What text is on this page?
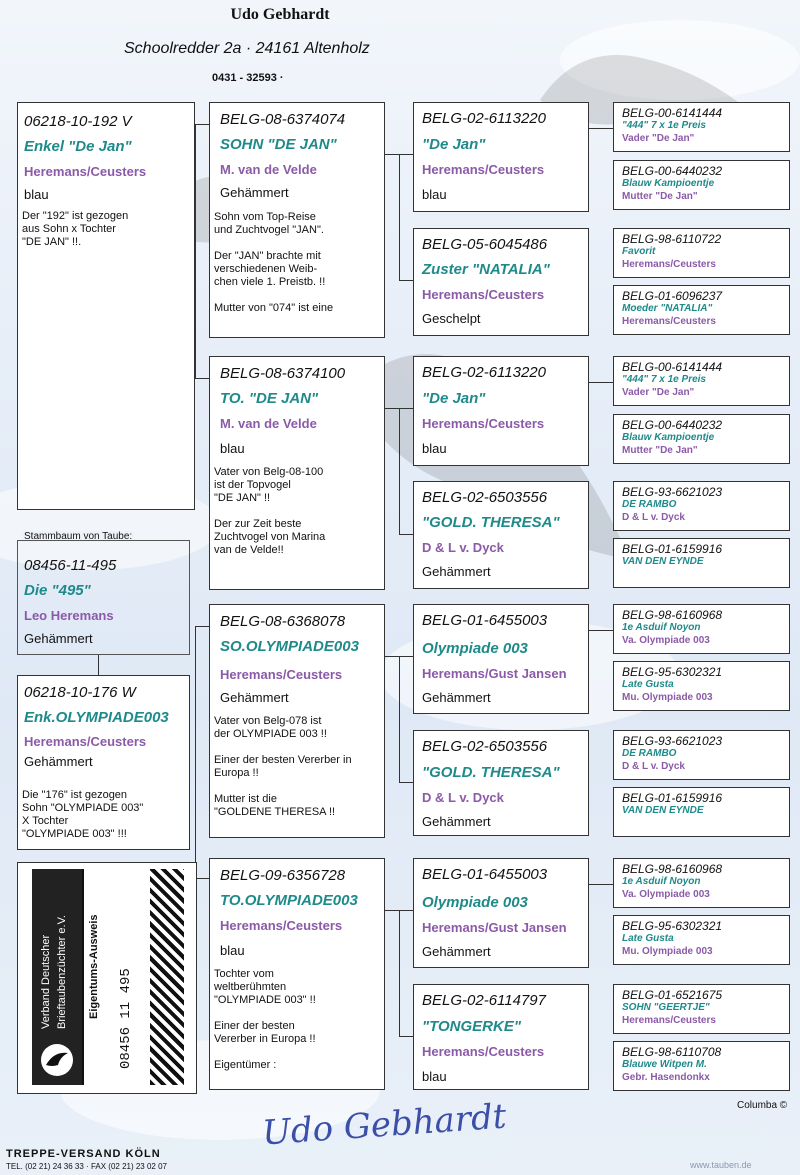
Udo Gebhardt
Schoolredder 2a · 24161 Altenholz
0431 - 32593 ·
06218-10-192 V
Enkel "De Jan"
Heremans/Ceusters
blau
Der "192" ist gezogen
aus Sohn x Tochter
"DE JAN" !!.
Stammbaum von Taube:
08456-11-495
Die "495"
Leo Heremans
Gehämmert
06218-10-176 W
Enk.OLYMPIADE003
Heremans/Ceusters
Gehämmert
Die "176" ist gezogen
Sohn "OLYMPIADE 003"
X Tochter
"OLYMPIADE 003" !!!
BELG-08-6374074
SOHN "DE JAN"
M. van de Velde
Gehämmert
Sohn vom Top-Reise
und Zuchtvogel "JAN".

Der "JAN" brachte mit
verschiedenen Weib-
chen viele 1. Preistb. !!

Mutter von "074" ist eine
BELG-08-6374100
TO. "DE JAN"
M. van de Velde
blau
Vater von Belg-08-100
ist der Topvogel
"DE JAN" !!

Der zur Zeit beste
Zuchtvogel von Marina
van de Velde!!
BELG-08-6368078
SO.OLYMPIADE003
Heremans/Ceusters
Gehämmert
Vater von Belg-078 ist
der OLYMPIADE 003 !!

Einer der besten Vererber in
Europa !!

Mutter ist die
"GOLDENE THERESA !!
BELG-09-6356728
TO.OLYMPIADE003
Heremans/Ceusters
blau
Tochter vom
weltberühmten
"OLYMPIADE 003" !!

Einer der besten
Vererber in Europa !!

Eigentümer :
BELG-02-6113220
"De Jan"
Heremans/Ceusters
blau
BELG-05-6045486
Zuster "NATALIA"
Heremans/Ceusters
Geschelpt
BELG-02-6113220
"De Jan"
Heremans/Ceusters
blau
BELG-02-6503556
"GOLD. THERESA"
D & L v. Dyck
Gehämmert
BELG-01-6455003
Olympiade 003
Heremans/Gust Jansen
Gehämmert
BELG-02-6503556
"GOLD. THERESA"
D & L v. Dyck
Gehämmert
BELG-01-6455003
Olympiade 003
Heremans/Gust Jansen
Gehämmert
BELG-02-6114797
"TONGERKE"
Heremans/Ceusters
blau
BELG-00-6141444
"444" 7 x 1e Preis
Vader "De Jan"
BELG-00-6440232
Blauw Kampioentje
Mutter "De Jan"
BELG-98-6110722
Favorit
Heremans/Ceusters
BELG-01-6096237
Moeder "NATALIA"
Heremans/Ceusters
BELG-00-6141444
"444" 7 x 1e Preis
Vader "De Jan"
BELG-00-6440232
Blauw Kampioentje
Mutter "De Jan"
BELG-93-6621023
DE RAMBO
D & L v. Dyck
BELG-01-6159916
VAN DEN EYNDE
BELG-98-6160968
1e Asduif Noyon
Va. Olympiade 003
BELG-95-6302321
Late Gusta
Mu. Olympiade 003
BELG-93-6621023
DE RAMBO
D & L v. Dyck
BELG-01-6159916
VAN DEN EYNDE
BELG-98-6160968
1e Asduif Noyon
Va. Olympiade 003
BELG-95-6302321
Late Gusta
Mu. Olympiade 003
BELG-01-6521675
SOHN "GEERTJE"
Heremans/Ceusters
BELG-98-6110708
Blauwe Witpen M.
Gebr. Hasendonkx
Verband Deutscher Brieftaubenzüchter e.V. Eigentums-Ausweis 08456 11 495
Columba ©
Udo Gebhardt
TREPPE-VERSAND KÖLN
TEL. (02 21) 24 36 33 · FAX (02 21) 23 02 07	www.tauben.de
